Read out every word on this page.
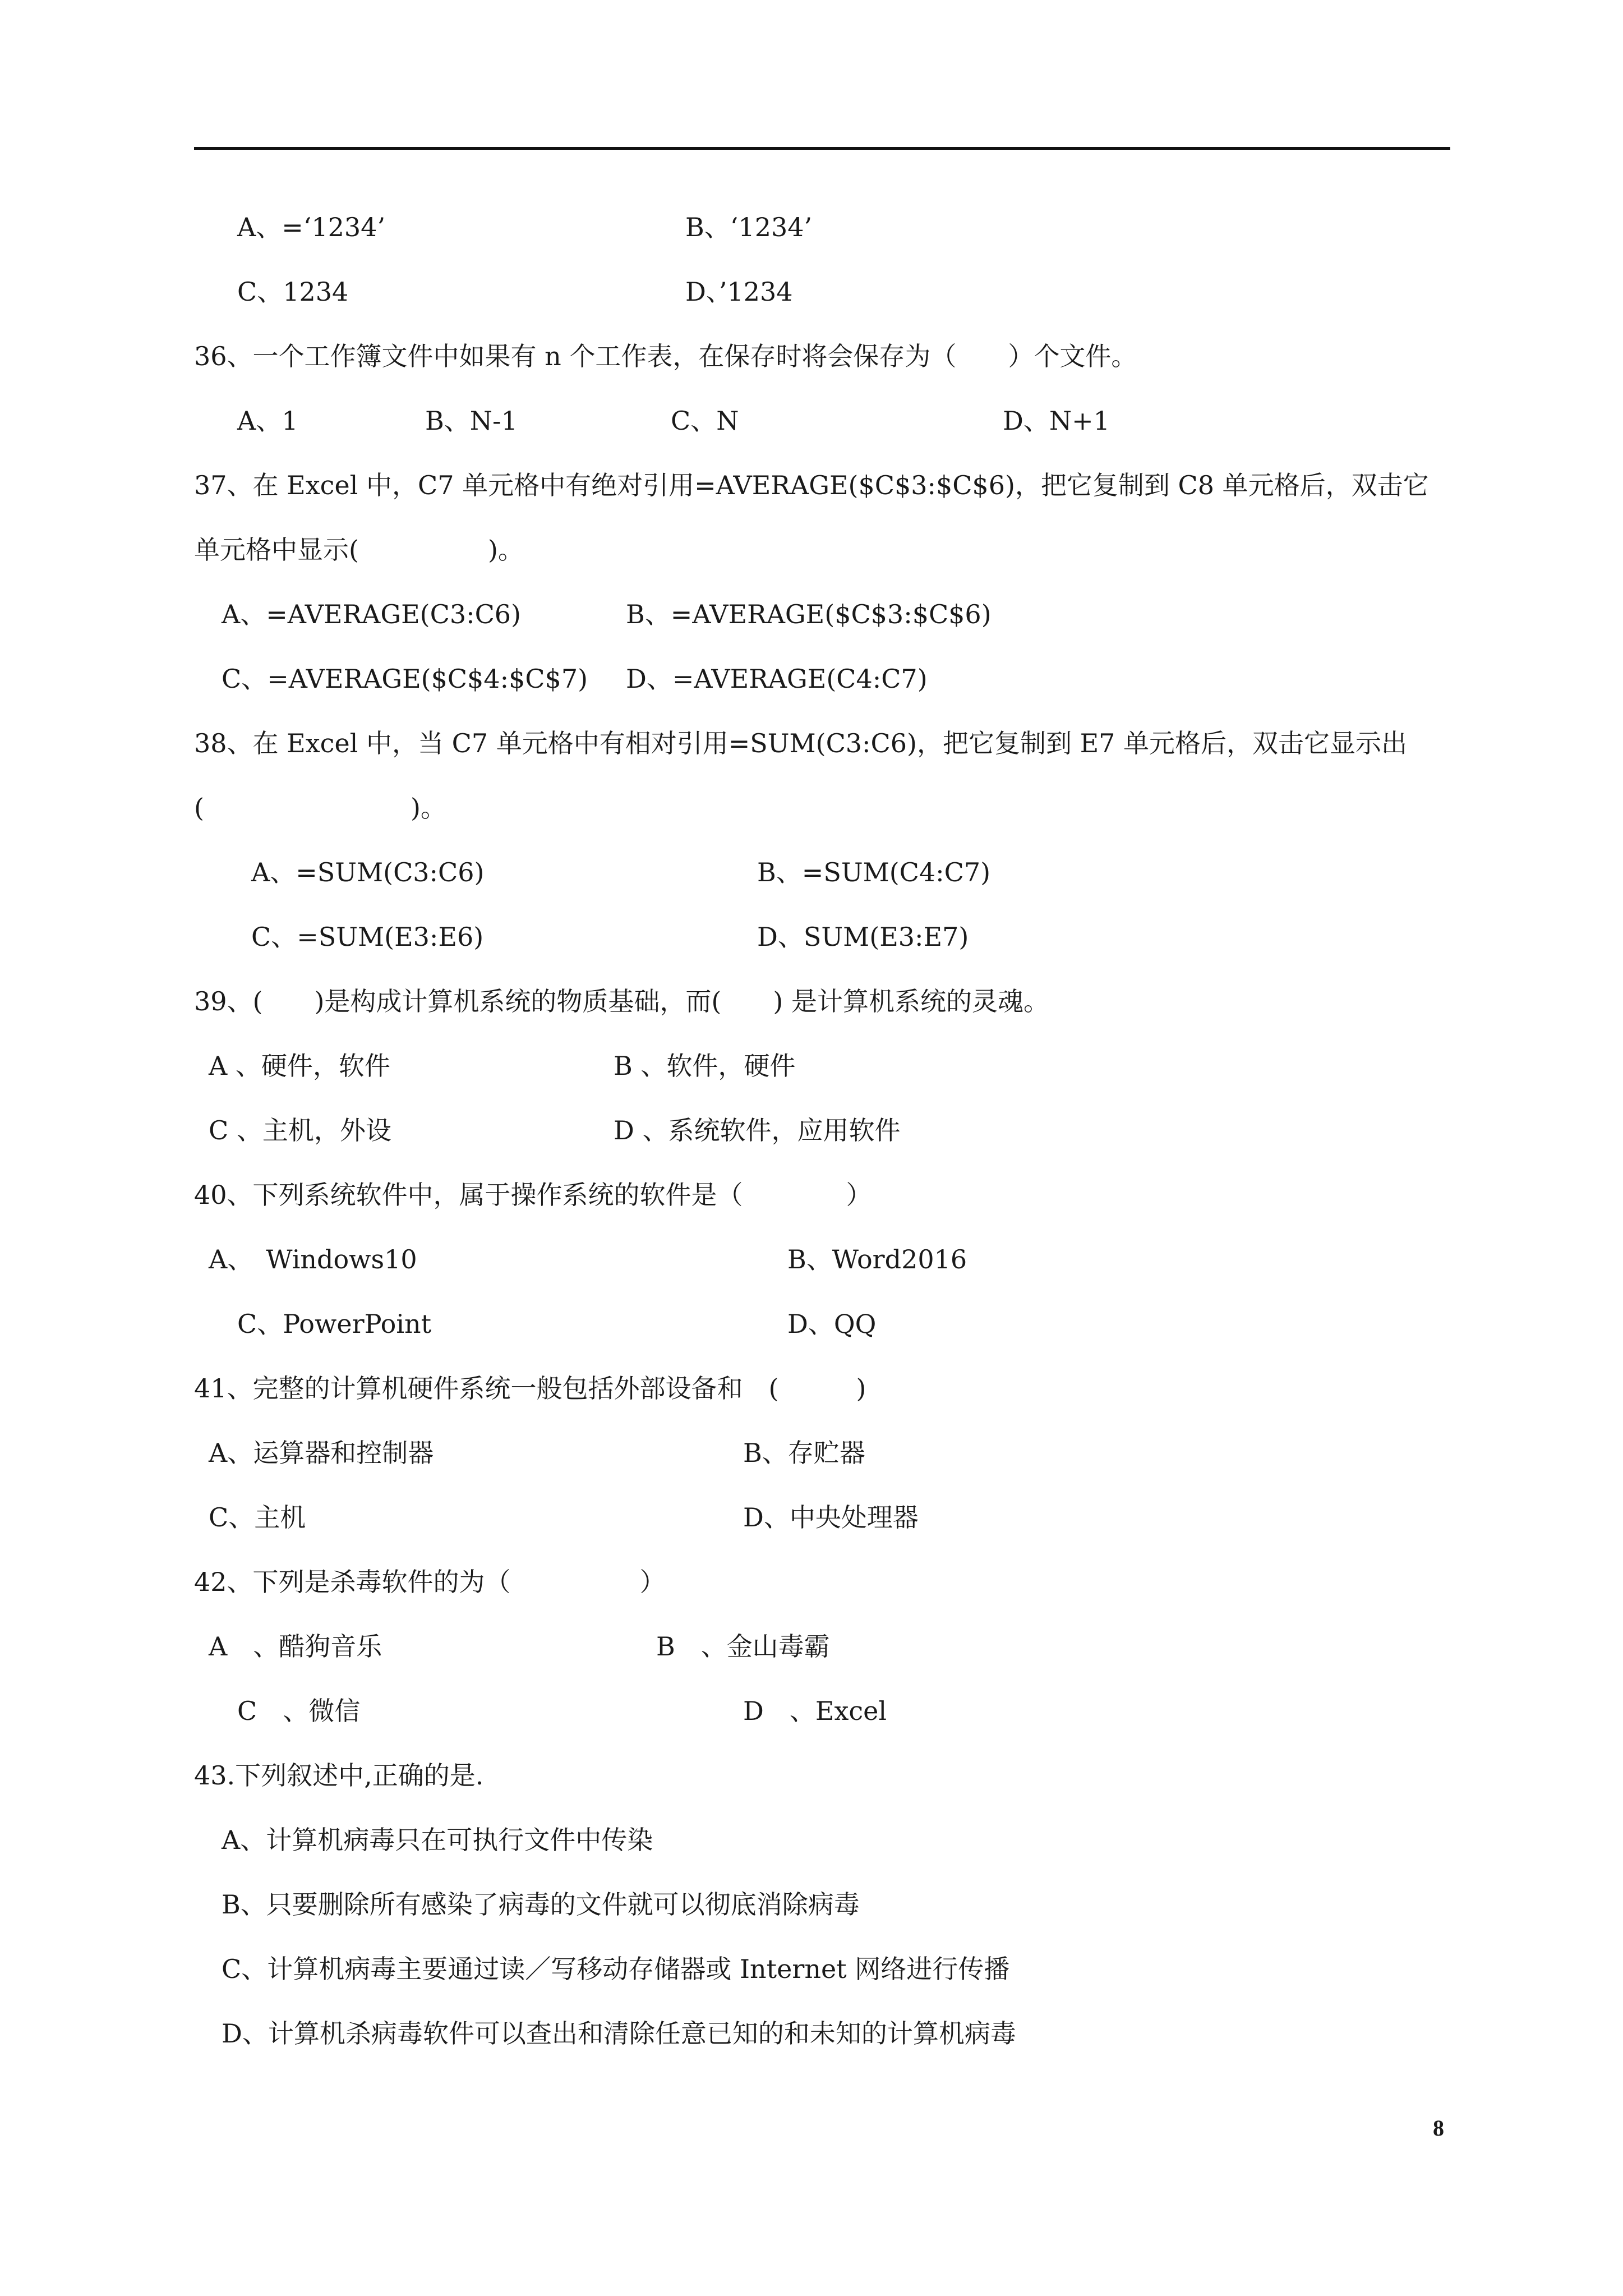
A、=‘1234’	B、‘1234’
C、1234	D、’1234
36、一个工作簿文件中如果有 n 个工作表，在保存时将会保存为（　　）个文件。
A、1	B、N-1	C、N	D、N+1
37、在 Excel 中，C7 单元格中有绝对引用=AVERAGE($C$3:$C$6)，把它复制到 C8 单元格后，双击它
单元格中显示(　　　　　)。
A、=AVERAGE(C3:C6)	B、=AVERAGE($C$3:$C$6)
C、=AVERAGE($C$4:$C$7) D、=AVERAGE(C4:C7)
38、在 Excel 中，当 C7 单元格中有相对引用=SUM(C3:C6)，把它复制到 E7 单元格后，双击它显示出
(　　　　　　　　)。
A、=SUM(C3:C6)	B、=SUM(C4:C7)
C、=SUM(E3:E6)	D、SUM(E3:E7)
39、(　　)是构成计算机系统的物质基础，而(　　) 是计算机系统的灵魂。
A 、硬件，软件	B 、软件，硬件
C 、主机，外设	D 、系统软件，应用软件
40、下列系统软件中，属于操作系统的软件是（　　　　）
A、　Windows10	B、Word2016
C、PowerPoint	D、QQ
41、完整的计算机硬件系统一般包括外部设备和　(　　　)
A、运算器和控制器	B、存贮器
C、主机	D、中央处理器
42、下列是杀毒软件的为（　　　　　）
A　、酷狗音乐	B　、金山毒霸
C　、微信	D　、Excel
43.下列叙述中,正确的是.
A、计算机病毒只在可执行文件中传染
B、只要删除所有感染了病毒的文件就可以彻底消除病毒
C、计算机病毒主要通过读／写移动存储器或 Internet 网络进行传播
D、计算机杀病毒软件可以查出和清除任意已知的和未知的计算机病毒
8
